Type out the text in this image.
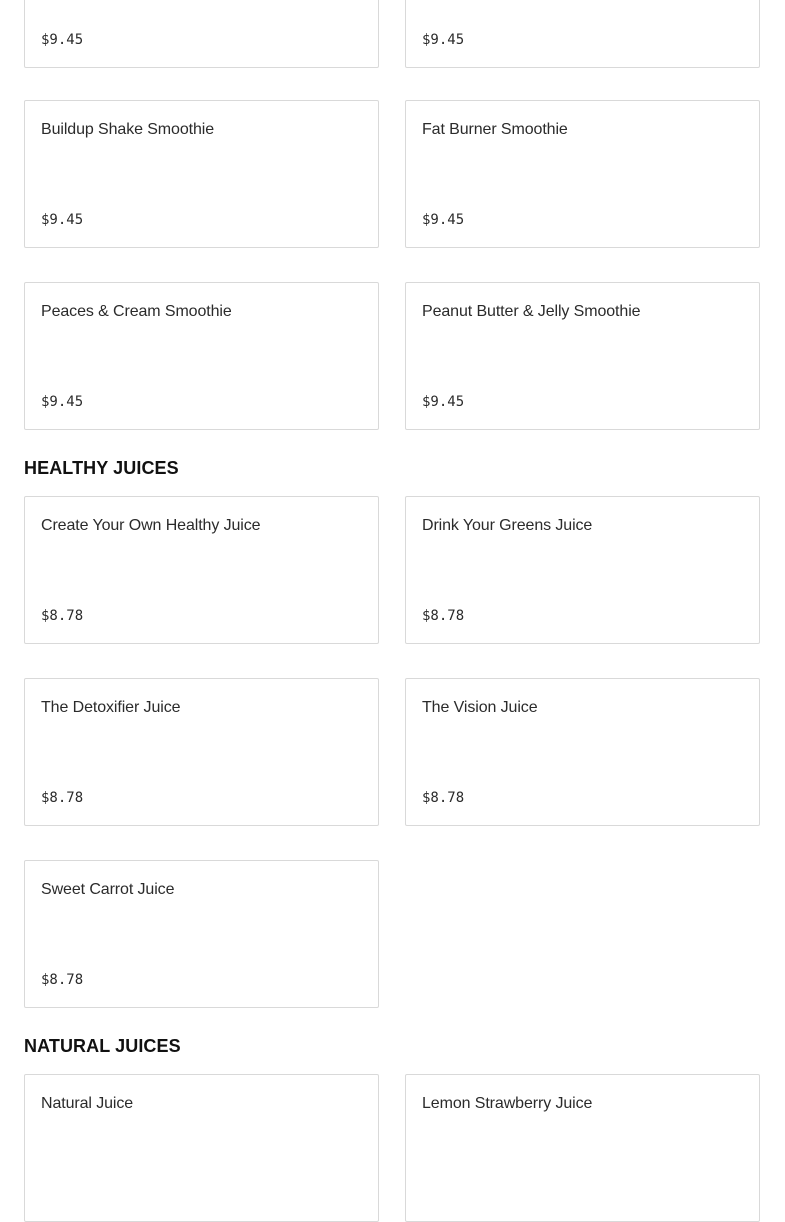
$9.45	$9.45
Buildup Shake Smoothie
$9.45
Fat Burner Smoothie
$9.45
Peaces & Cream Smoothie
$9.45
Peanut Butter & Jelly Smoothie
$9.45
HEALTHY JUICES
Create Your Own Healthy Juice
$8.78
Drink Your Greens Juice
$8.78
The Detoxifier Juice
$8.78
The Vision Juice
$8.78
Sweet Carrot Juice
$8.78
NATURAL JUICES
Natural Juice	Lemon Strawberry Juice
